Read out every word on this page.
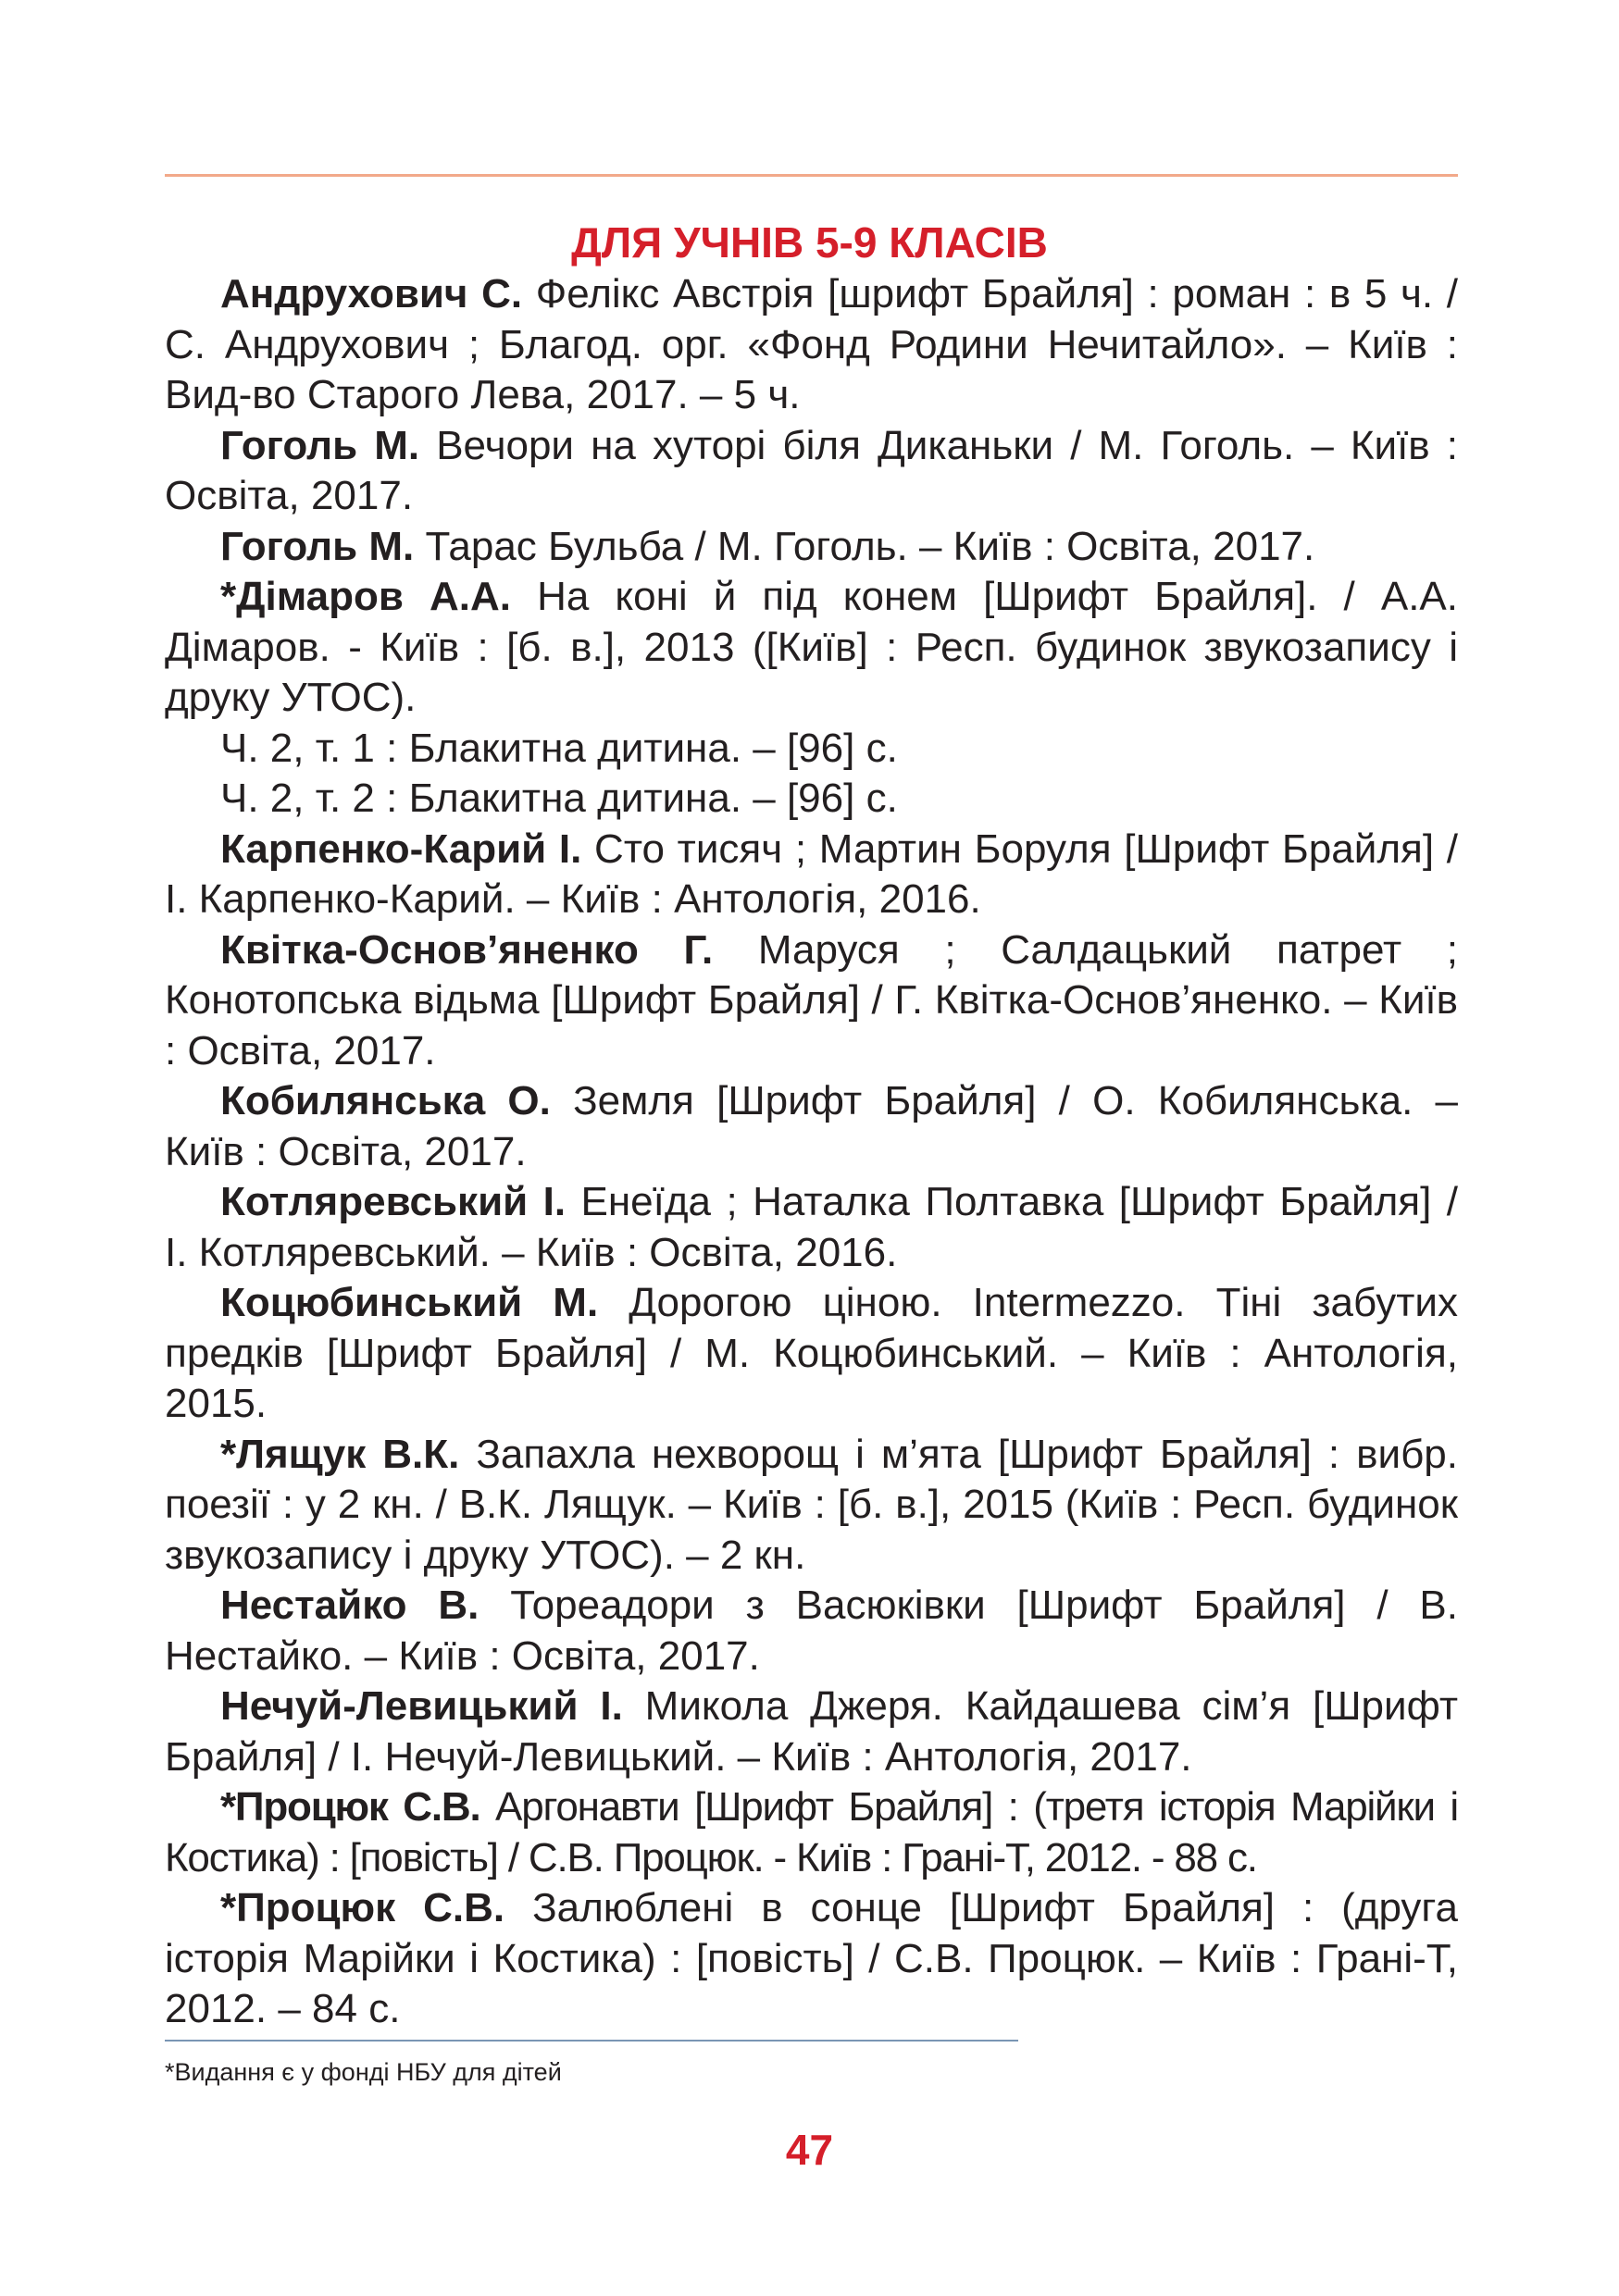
ДЛЯ УЧНІВ 5-9 КЛАСІВ
Андрухович С. Фелікс Австрія [шрифт Брайля] : роман : в 5 ч. / С. Андрухович ; Благод. орг. «Фонд Родини Нечитайло». – Київ : Вид-во Старого Лева, 2017. – 5 ч.
Гоголь М. Вечори на хуторі біля Диканьки / М. Гоголь. – Київ : Освіта, 2017.
Гоголь М. Тарас Бульба / М. Гоголь. – Київ : Освіта, 2017.
*Дімаров А.А. На коні й під конем [Шрифт Брайля]. / А.А. Дімаров. - Київ : [б. в.], 2013 ([Київ] : Респ. будинок звукозапису і друку УТОС).
Ч. 2, т. 1 : Блакитна дитина. – [96] с.
Ч. 2, т. 2 : Блакитна дитина. – [96] с.
Карпенко-Карий І. Сто тисяч ; Мартин Боруля [Шрифт Брайля] / І. Карпенко-Карий. – Київ : Антологія, 2016.
Квітка-Основ’яненко Г. Маруся ; Салдацький патрет ; Конотопська відьма [Шрифт Брайля] / Г. Квітка-Основ’яненко. – Київ : Освіта, 2017.
Кобилянська О. Земля [Шрифт Брайля] / О. Кобилянська. – Київ : Освіта, 2017.
Котляревський І. Енеїда ; Наталка Полтавка [Шрифт Брайля] / І. Котляревський. – Київ : Освіта, 2016.
Коцюбинський М. Дорогою ціною. Intermezzo. Тіні забутих предків [Шрифт Брайля] / М. Коцюбинський. – Київ : Антологія, 2015.
*Лящук В.К. Запахла нехворощ і м’ята [Шрифт Брайля] : вибр. поезії : у 2 кн. / В.К. Лящук. – Київ : [б. в.], 2015 (Київ : Респ. будинок звукозапису і друку УТОС). – 2 кн.
Нестайко В. Тореадори з Васюківки [Шрифт Брайля] / В. Нестайко. – Київ : Освіта, 2017.
Нечуй-Левицький І. Микола Джеря. Кайдашева сім’я [Шрифт Брайля] / І. Нечуй-Левицький. – Київ : Антологія, 2017.
*Процюк С.В. Аргонавти [Шрифт Брайля] : (третя історія Марійки і Костика) : [повість] / С.В. Процюк. - Київ : Грані-Т, 2012. - 88 с.
*Процюк С.В. Залюблені в сонце [Шрифт Брайля] : (друга історія Марійки і Костика) : [повість] / С.В. Процюк. – Київ : Грані-Т, 2012. – 84 с.

*Видання є у фонді НБУ для дітей

47
